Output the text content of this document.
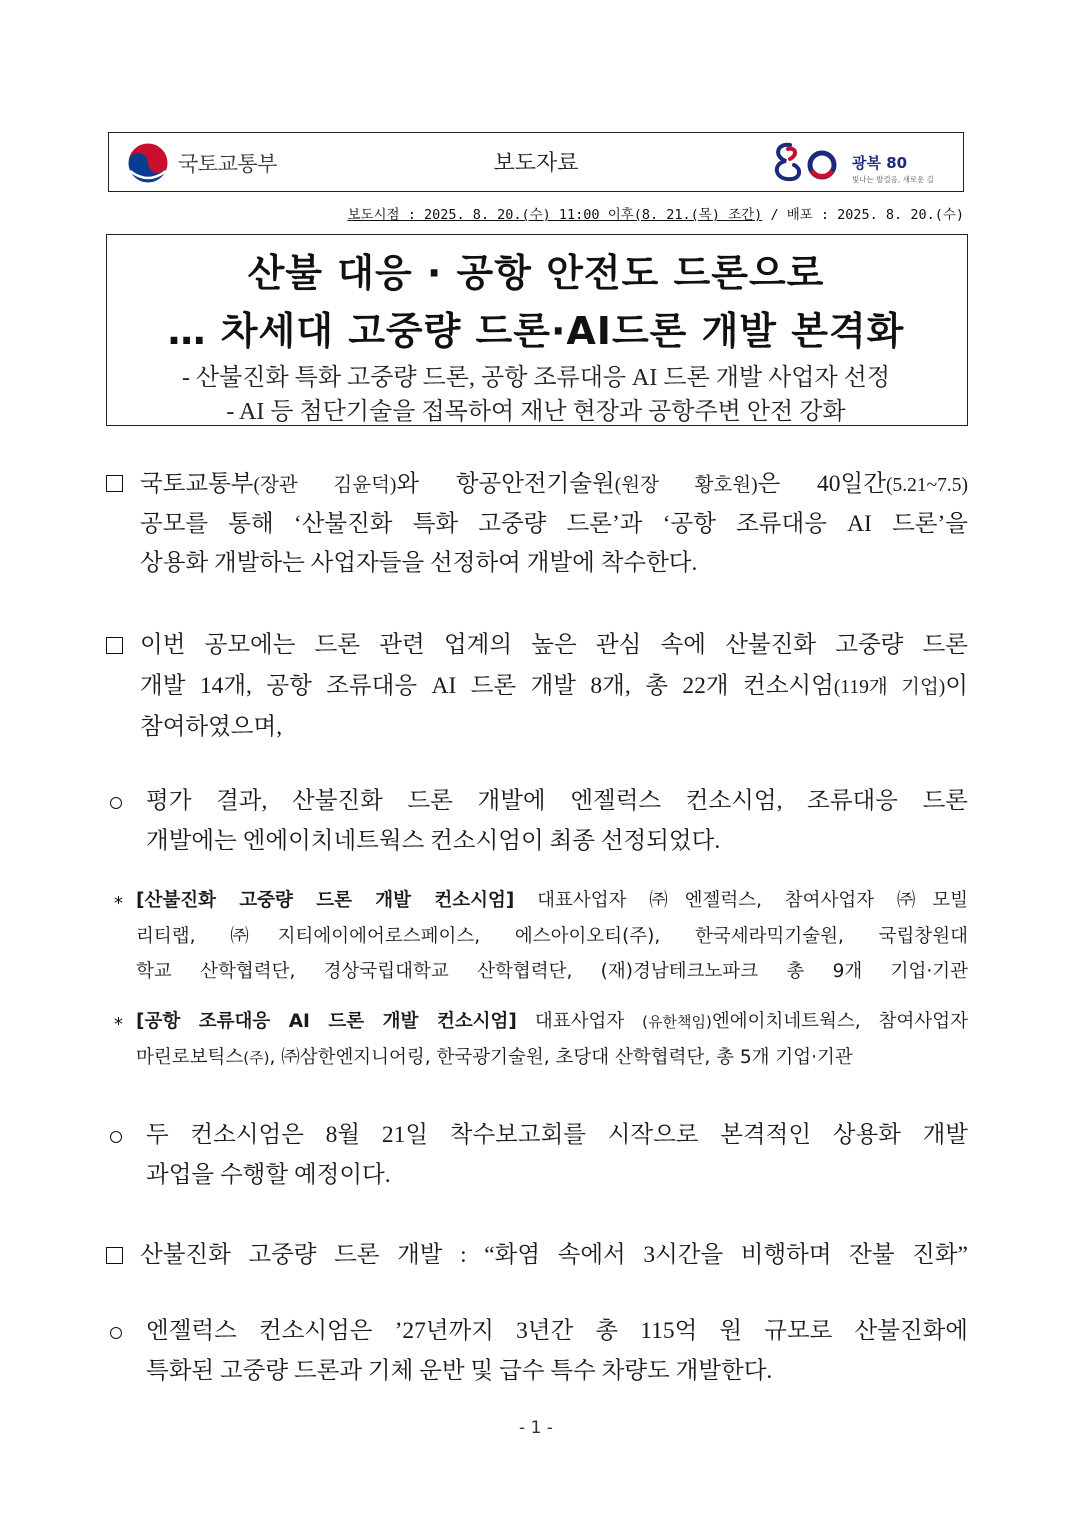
국토교통부	보도자료	광복 80
빛나는 발걸음, 새로운 길
보도시점 : 2025. 8. 20.(수) 11:00 이후(8. 21.(목) 조간) / 배포 : 2025. 8. 20.(수)
산불 대응 · 공항 안전도 드론으로
… 차세대 고중량 드론·AI드론 개발 본격화
- 산불진화 특화 고중량 드론, 공항 조류대응 AI 드론 개발 사업자 선정
- AI 등 첨단기술을 접목하여 재난 현장과 공항주변 안전 강화
국토교통부(장관 김윤덕)와 항공안전기술원(원장 황호원)은 40일간(5.21~7.5)
공모를 통해 ‘산불진화 특화 고중량 드론’과 ‘공항 조류대응 AI 드론’을
상용화 개발하는 사업자들을 선정하여 개발에 착수한다.
이번 공모에는 드론 관련 업계의 높은 관심 속에 산불진화 고중량 드론
개발 14개, 공항 조류대응 AI 드론 개발 8개, 총 22개 컨소시엄(119개 기업)이
참여하였으며,
평가 결과, 산불진화 드론 개발에 엔젤럭스 컨소시엄, 조류대응 드론
개발에는 엔에이치네트웍스 컨소시엄이 최종 선정되었다.
* [산불진화 고중량 드론 개발 컨소시엄] 대표사업자 ㈜엔젤럭스, 참여사업자 ㈜모빌
리티랩, ㈜지티에이에어로스페이스, 에스아이오티(주), 한국세라믹기술원, 국립창원대
학교 산학협력단, 경상국립대학교 산학협력단, (재)경남테크노파크 총 9개 기업·기관
* [공항 조류대응 AI 드론 개발 컨소시엄] 대표사업자 (유한책임)엔에이치네트웍스, 참여사업자
마린로보틱스(주), ㈜삼한엔지니어링, 한국광기술원, 초당대 산학협력단, 총 5개 기업·기관
두 컨소시엄은 8월 21일 착수보고회를 시작으로 본격적인 상용화 개발
과업을 수행할 예정이다.
산불진화 고중량 드론 개발 : “화염 속에서 3시간을 비행하며 잔불 진화”
엔젤럭스 컨소시엄은 ’27년까지 3년간 총 115억 원 규모로 산불진화에
특화된 고중량 드론과 기체 운반 및 급수 특수 차량도 개발한다.
- 1 -
